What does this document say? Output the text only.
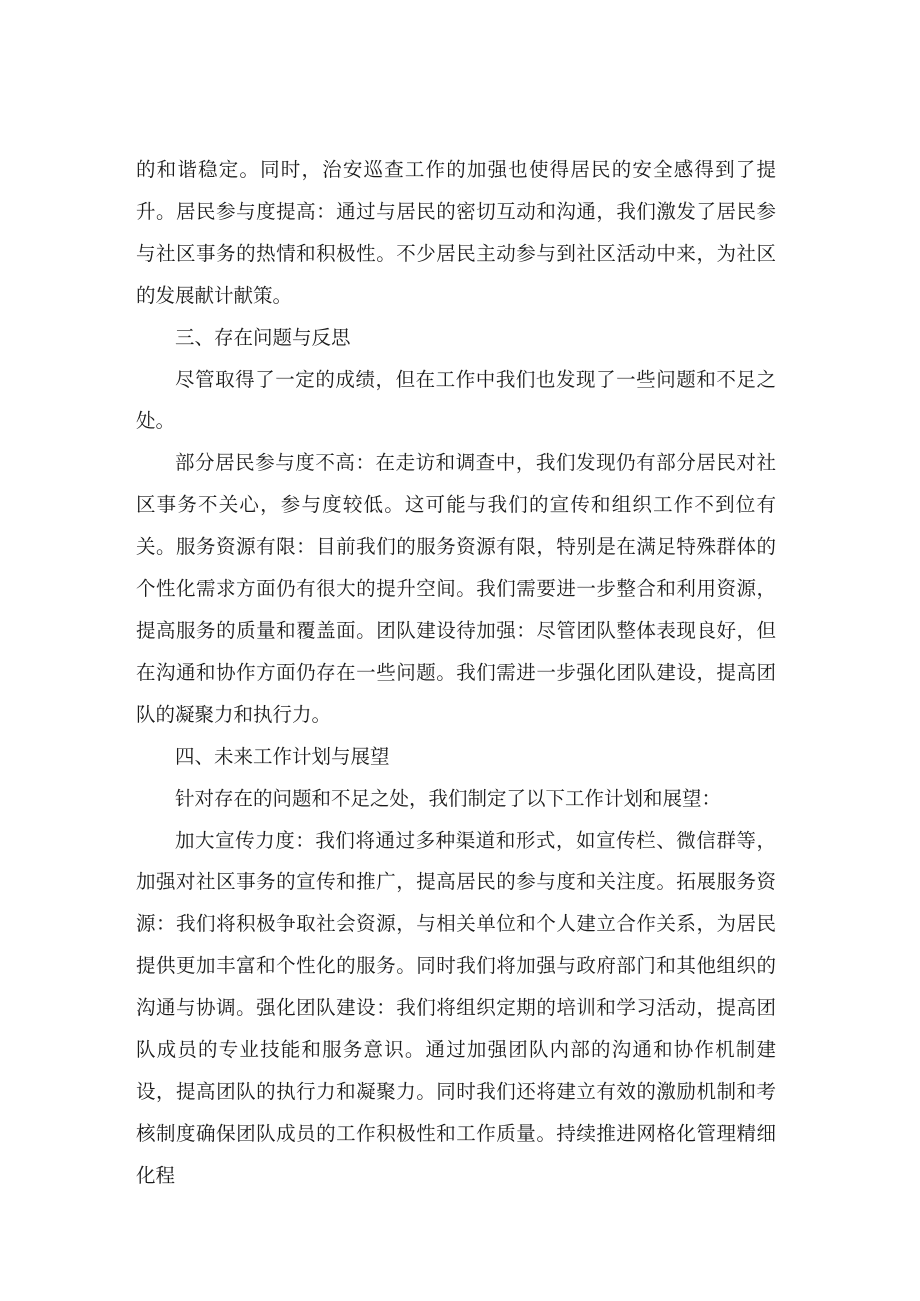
的和谐稳定。同时，治安巡查工作的加强也使得居民的安全感得到了提升。居民参与度提高：通过与居民的密切互动和沟通，我们激发了居民参与社区事务的热情和积极性。不少居民主动参与到社区活动中来，为社区的发展献计献策。

三、存在问题与反思

尽管取得了一定的成绩，但在工作中我们也发现了一些问题和不足之处。

部分居民参与度不高：在走访和调查中，我们发现仍有部分居民对社区事务不关心，参与度较低。这可能与我们的宣传和组织工作不到位有关。服务资源有限：目前我们的服务资源有限，特别是在满足特殊群体的个性化需求方面仍有很大的提升空间。我们需要进一步整合和利用资源，提高服务的质量和覆盖面。团队建设待加强：尽管团队整体表现良好，但在沟通和协作方面仍存在一些问题。我们需进一步强化团队建设，提高团队的凝聚力和执行力。

四、未来工作计划与展望

针对存在的问题和不足之处，我们制定了以下工作计划和展望：

加大宣传力度：我们将通过多种渠道和形式，如宣传栏、微信群等，加强对社区事务的宣传和推广，提高居民的参与度和关注度。拓展服务资源：我们将积极争取社会资源，与相关单位和个人建立合作关系，为居民提供更加丰富和个性化的服务。同时我们将加强与政府部门和其他组织的沟通与协调。强化团队建设：我们将组织定期的培训和学习活动，提高团队成员的专业技能和服务意识。通过加强团队内部的沟通和协作机制建设，提高团队的执行力和凝聚力。同时我们还将建立有效的激励机制和考核制度确保团队成员的工作积极性和工作质量。持续推进网格化管理精细化程
